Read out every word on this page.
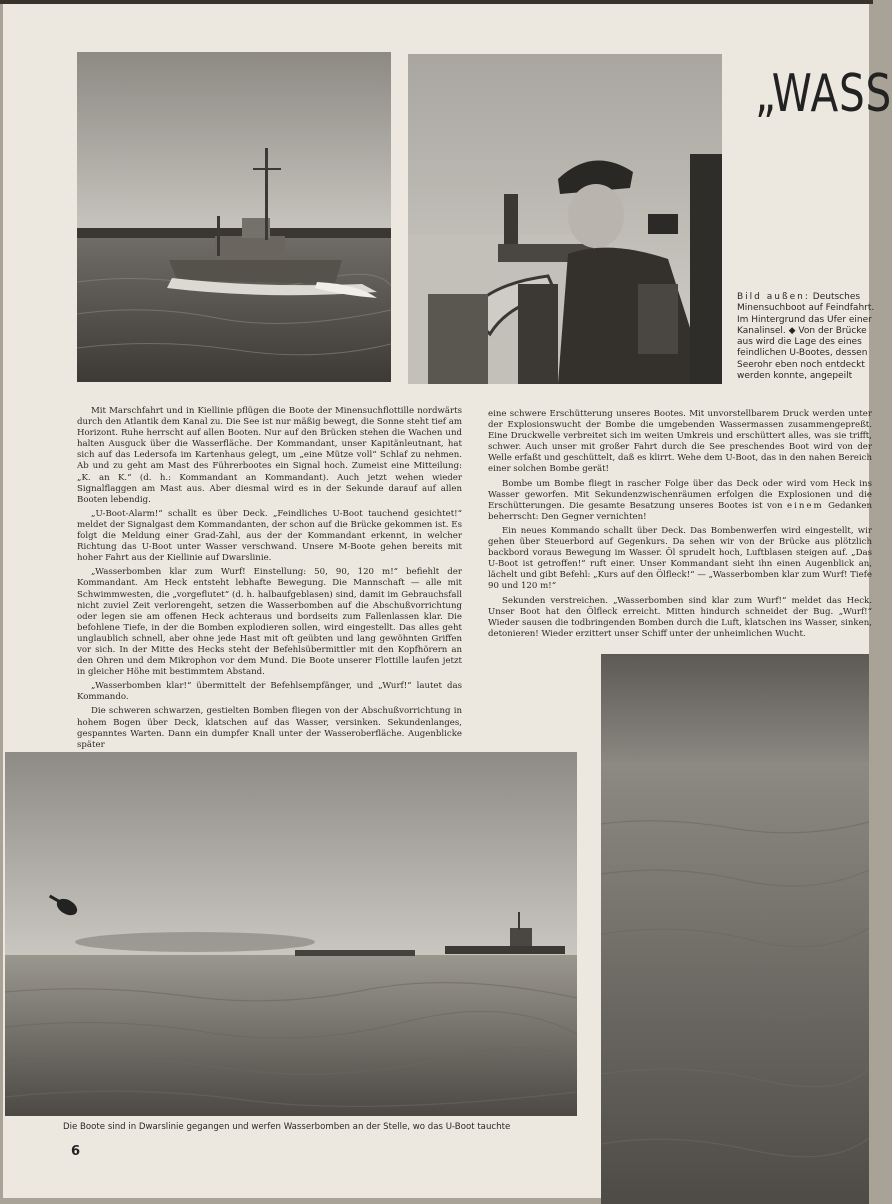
„WASS
Bild außen: Deutsches Minensuchboot auf Feindfahrt. Im Hintergrund das Ufer einer Kanalinsel. ◆ Von der Brücke aus wird die Lage des eines feindlichen U-Bootes, dessen Seerohr eben noch entdeckt werden konnte, angepeilt

Mit Marschfahrt und in Kiellinie pflügen die Boote der Minensuchflottille nordwärts durch den Atlantik dem Kanal zu. Die See ist nur mäßig bewegt, die Sonne steht tief am Horizont. Ruhe herrscht auf allen Booten. Nur auf den Brücken stehen die Wachen und halten Ausguck über die Wasserfläche. Der Kommandant, unser Kapitänleutnant, hat sich auf das Ledersofa im Kartenhaus gelegt, um „eine Mütze voll“ Schlaf zu nehmen. Ab und zu geht am Mast des Führerbootes ein Signal hoch. Zumeist eine Mitteilung: „K. an K.“ (d. h.: Kommandant an Kommandant). Auch jetzt wehen wieder Signalflaggen am Mast aus. Aber diesmal wird es in der Sekunde darauf auf allen Booten lebendig.

„U-Boot-Alarm!“ schallt es über Deck. „Feindliches U-Boot tauchend gesichtet!“ meldet der Signalgast dem Kommandanten, der schon auf die Brücke gekommen ist. Es folgt die Meldung einer Grad-Zahl, aus der der Kommandant erkennt, in welcher Richtung das U-Boot unter Wasser verschwand. Unsere M-Boote gehen bereits mit hoher Fahrt aus der Kiellinie auf Dwarslinie.

„Wasserbomben klar zum Wurf! Einstellung: 50, 90, 120 m!“ befiehlt der Kommandant. Am Heck entsteht lebhafte Bewegung. Die Mannschaft — alle mit Schwimmwesten, die „vorgeflutet“ (d. h. halbaufgeblasen) sind, damit im Gebrauchsfall nicht zuviel Zeit verlorengeht, setzen die Wasserbomben auf die Abschußvorrichtung oder legen sie am offenen Heck achteraus und bordseits zum Fallenlassen klar. Die befohlene Tiefe, in der die Bomben explodieren sollen, wird eingestellt. Das alles geht unglaublich schnell, aber ohne jede Hast mit oft geübten und lang gewöhnten Griffen vor sich. In der Mitte des Hecks steht der Befehlsübermittler mit den Kopfhörern an den Ohren und dem Mikrophon vor dem Mund. Die Boote unserer Flottille laufen jetzt in gleicher Höhe mit bestimmtem Abstand.

„Wasserbomben klar!“ übermittelt der Befehlsempfänger, und „Wurf!“ lautet das Kommando.

Die schweren schwarzen, gestielten Bomben fliegen von der Abschußvorrichtung in hohem Bogen über Deck, klatschen auf das Wasser, versinken. Sekundenlanges, gespanntes Warten. Dann ein dumpfer Knall unter der Wasseroberfläche. Augenblicke später

eine schwere Erschütterung unseres Bootes. Mit unvorstellbarem Druck werden unter der Explosionswucht der Bombe die umgebenden Wassermassen zusammengepreßt. Eine Druckwelle verbreitet sich im weiten Umkreis und erschüttert alles, was sie trifft, schwer. Auch unser mit großer Fahrt durch die See preschendes Boot wird von der Welle erfaßt und geschüttelt, daß es klirrt. Wehe dem U-Boot, das in den nahen Bereich einer solchen Bombe gerät!

Bombe um Bombe fliegt in rascher Folge über das Deck oder wird vom Heck ins Wasser geworfen. Mit Sekundenzwischenräumen erfolgen die Explosionen und die Erschütterungen. Die gesamte Besatzung unseres Bootes ist von einem Gedanken beherrscht: Den Gegner vernichten!

Ein neues Kommando schallt über Deck. Das Bombenwerfen wird eingestellt, wir gehen über Steuerbord auf Gegenkurs. Da sehen wir von der Brücke aus plötzlich backbord voraus Bewegung im Wasser. Öl sprudelt hoch, Luftblasen steigen auf. „Das U-Boot ist getroffen!“ ruft einer. Unser Kommandant sieht ihn einen Augenblick an, lächelt und gibt Befehl: „Kurs auf den Ölfleck!“ — „Wasserbomben klar zum Wurf! Tiefe 90 und 120 m!“

Sekunden verstreichen. „Wasserbomben sind klar zum Wurf!“ meldet das Heck. Unser Boot hat den Ölfleck erreicht. Mitten hindurch schneidet der Bug. „Wurf!“ Wieder sausen die todbringenden Bomben durch die Luft, klatschen ins Wasser, sinken, detonieren! Wieder erzittert unser Schiff unter der unheimlichen Wucht.

Die Boote sind in Dwarslinie gegangen und werfen Wasserbomben an der Stelle, wo das U-Boot tauchte
6
